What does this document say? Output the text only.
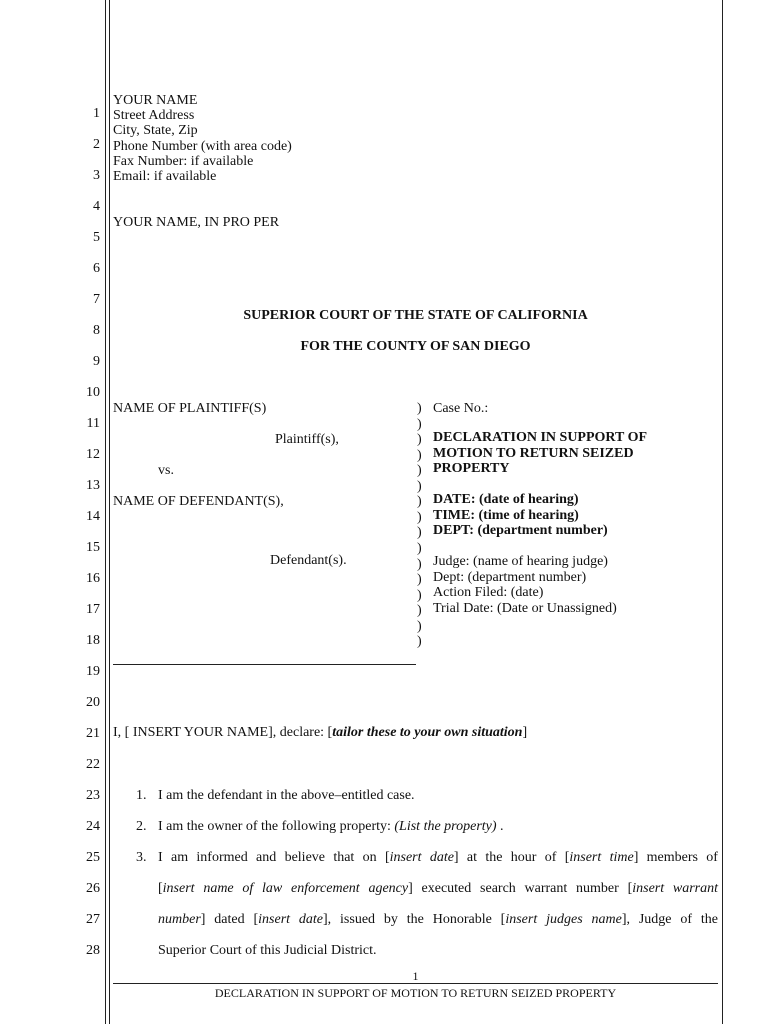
1
2
3
4
5
6
7
8
9
10
11
12
13
14
15
16
17
18
19
20
21
22
23
24
25
26
27
28
YOUR NAME
Street Address
City, State, Zip
Phone Number (with area code)
Fax Number: if available
Email: if available
YOUR NAME, IN PRO PER
SUPERIOR COURT OF THE STATE OF CALIFORNIA
FOR THE COUNTY OF SAN DIEGO
NAME OF PLAINTIFF(S)
Plaintiff(s),
vs.
NAME OF DEFENDANT(S),
Defendant(s).
)
)
)
)
)
)
)
)
)
)
)
)
)
)
)
)
Case No.:
DECLARATION IN SUPPORT OF
MOTION TO RETURN SEIZED
PROPERTY
DATE: (date of hearing)
TIME: (time of hearing)
DEPT: (department number)
Judge: (name of hearing judge)
Dept: (department number)
Action Filed: (date)
Trial Date: (Date or Unassigned)
I, [ INSERT YOUR NAME], declare: [tailor these to your own situation]
1. I am the defendant in the above–entitled case.
2. I am the owner of the following property: (List the property) .
3. I am informed and believe that on [insert date] at the hour of [insert time] members of
[insert name of law enforcement agency] executed search warrant number [insert warrant
number] dated [insert date], issued by the Honorable [insert judges name], Judge of the
Superior Court of this Judicial District.
1
DECLARATION IN SUPPORT OF MOTION TO RETURN SEIZED PROPERTY
